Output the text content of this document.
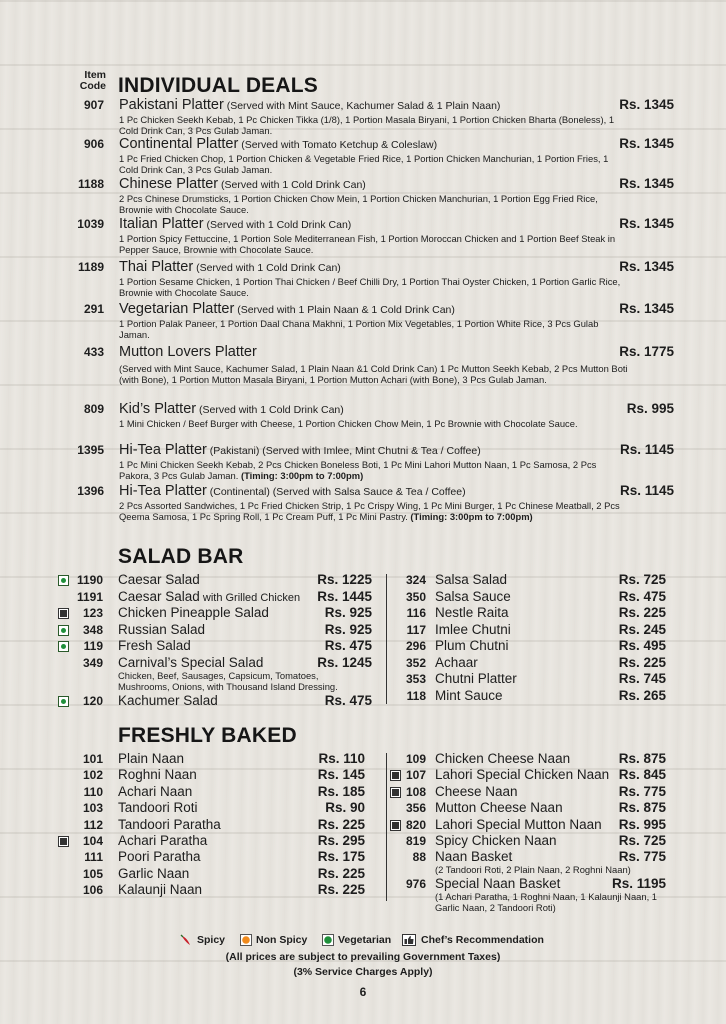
Item
Code INDIVIDUAL DEALS
907 Pakistani Platter (Served with Mint Sauce, Kachumer Salad & 1 Plain Naan)	Rs. 1345
1 Pc Chicken Seekh Kebab, 1 Pc Chicken Tikka (1/8), 1 Portion Masala Biryani, 1 Portion Chicken Bharta (Boneless), 1 Cold Drink Can, 3 Pcs Gulab Jaman.
906 Continental Platter (Served with Tomato Ketchup & Coleslaw)	Rs. 1345
1 Pc Fried Chicken Chop, 1 Portion Chicken & Vegetable Fried Rice, 1 Portion Chicken Manchurian, 1 Portion Fries, 1 Cold Drink Can, 3 Pcs Gulab Jaman.
1188 Chinese Platter (Served with 1 Cold Drink Can)	Rs. 1345
2 Pcs Chinese Drumsticks, 1 Portion Chicken Chow Mein, 1 Portion Chicken Manchurian, 1 Portion Egg Fried Rice, Brownie with Chocolate Sauce.
1039 Italian Platter (Served with 1 Cold Drink Can)	Rs. 1345
1 Portion Spicy Fettuccine, 1 Portion Sole Mediterranean Fish, 1 Portion Moroccan Chicken and 1 Portion Beef Steak in Pepper Sauce, Brownie with Chocolate Sauce.
1189 Thai Platter (Served with 1 Cold Drink Can)	Rs. 1345
1 Portion Sesame Chicken, 1 Portion Thai Chicken / Beef Chilli Dry, 1 Portion Thai Oyster Chicken, 1 Portion Garlic Rice, Brownie with Chocolate Sauce.
291 Vegetarian Platter (Served with 1 Plain Naan & 1 Cold Drink Can)	Rs. 1345
1 Portion Palak Paneer, 1 Portion Daal Chana Makhni, 1 Portion Mix Vegetables, 1 Portion White Rice, 3 Pcs Gulab Jaman.
433 Mutton Lovers Platter	Rs. 1775
(Served with Mint Sauce, Kachumer Salad, 1 Plain Naan &1 Cold Drink Can) 1 Pc Mutton Seekh Kebab, 2 Pcs Mutton Boti (with Bone), 1 Portion Mutton Masala Biryani, 1 Portion Mutton Achari (with Bone), 3 Pcs Gulab Jaman.
809 Kid’s Platter (Served with 1 Cold Drink Can)	Rs. 995
1 Mini Chicken / Beef Burger with Cheese, 1 Portion Chicken Chow Mein, 1 Pc Brownie with Chocolate Sauce.
1395 Hi-Tea Platter (Pakistani) (Served with Imlee, Mint Chutni & Tea / Coffee)	Rs. 1145
1 Pc Mini Chicken Seekh Kebab, 2 Pcs Chicken Boneless Boti, 1 Pc Mini Lahori Mutton Naan, 1 Pc Samosa, 2 Pcs Pakora, 3 Pcs Gulab Jaman. (Timing: 3:00pm to 7:00pm)
1396 Hi-Tea Platter (Continental) (Served with Salsa Sauce & Tea / Coffee)	Rs. 1145
2 Pcs Assorted Sandwiches, 1 Pc Fried Chicken Strip, 1 Pc Crispy Wing, 1 Pc Mini Burger, 1 Pc Chinese Meatball, 2 Pcs Qeema Samosa, 1 Pc Spring Roll, 1 Pc Cream Puff, 1 Pc Mini Pastry. (Timing: 3:00pm to 7:00pm)
SALAD BAR
1190 Caesar Salad	Rs. 1225
1191 Caesar Salad with Grilled Chicken	Rs. 1445
123 Chicken Pineapple Salad	Rs. 925
348 Russian Salad	Rs. 925
119 Fresh Salad	Rs. 475
349 Carnival’s Special Salad	Rs. 1245
Chicken, Beef, Sausages, Capsicum, Tomatoes, Mushrooms, Onions, with Thousand Island Dressing.
120 Kachumer Salad	Rs. 475
324 Salsa Salad	Rs. 725
350 Salsa Sauce	Rs. 475
116 Nestle Raita	Rs. 225
117 Imlee Chutni	Rs. 245
296 Plum Chutni	Rs. 495
352 Achaar	Rs. 225
353 Chutni Platter	Rs. 745
118 Mint Sauce	Rs. 265
FRESHLY BAKED
101 Plain Naan	Rs. 110
102 Roghni Naan	Rs. 145
110 Achari Naan	Rs. 185
103 Tandoori Roti	Rs. 90
112 Tandoori Paratha	Rs. 225
104 Achari Paratha	Rs. 295
111 Poori Paratha	Rs. 175
105 Garlic Naan	Rs. 225
106 Kalaunji Naan	Rs. 225
109 Chicken Cheese Naan	Rs. 875
107 Lahori Special Chicken Naan Rs. 845
108 Cheese Naan	Rs. 775
356 Mutton Cheese Naan	Rs. 875
820 Lahori Special Mutton Naan	Rs. 995
819 Spicy Chicken Naan	Rs. 725
88 Naan Basket	Rs. 775
(2 Tandoori Roti, 2 Plain Naan, 2 Roghni Naan)
976 Special Naan Basket	Rs. 1195
(1 Achari Paratha, 1 Roghni Naan, 1 Kalaunji Naan, 1 Garlic Naan, 2 Tandoori Roti)
Spicy	Non Spicy	Vegetarian	Chef’s Recommendation
(All prices are subject to prevailing Government Taxes)
(3% Service Charges Apply)
6
